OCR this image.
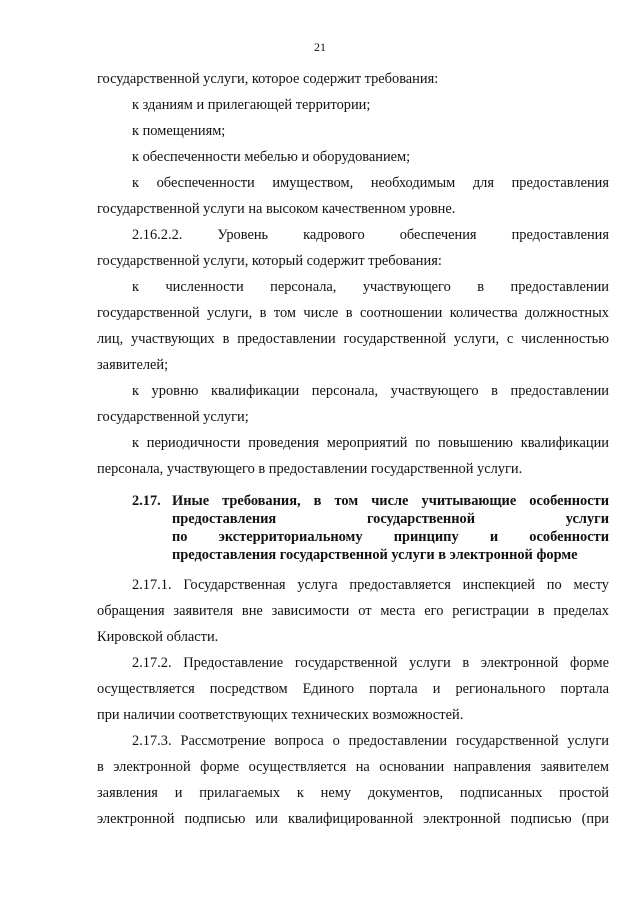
21
государственной услуги, которое содержит требования:
к зданиям и прилегающей территории;
к помещениям;
к обеспеченности мебелью и оборудованием;
к обеспеченности имуществом, необходимым для предоставления
государственной услуги на высоком качественном уровне.
2.16.2.2. Уровень кадрового обеспечения предоставления
государственной услуги, который содержит требования:
к численности персонала, участвующего в предоставлении
государственной услуги, в том числе в соотношении количества должностных
лиц, участвующих в предоставлении государственной услуги, с численностью
заявителей;
к уровню квалификации персонала, участвующего в предоставлении
государственной услуги;
к периодичности проведения мероприятий по повышению квалификации
персонала, участвующего в предоставлении государственной услуги.
2.17. Иные требования, в том числе учитывающие особенности
предоставления государственной услуги
по экстерриториальному принципу и особенности
предоставления государственной услуги в электронной форме
2.17.1. Государственная услуга предоставляется инспекцией по месту
обращения заявителя вне зависимости от места его регистрации в пределах
Кировской области.
2.17.2. Предоставление государственной услуги в электронной форме
осуществляется посредством Единого портала и регионального портала
при наличии соответствующих технических возможностей.
2.17.3. Рассмотрение вопроса о предоставлении государственной услуги
в электронной форме осуществляется на основании направления заявителем
заявления и прилагаемых к нему документов, подписанных простой
электронной подписью или квалифицированной электронной подписью (при
